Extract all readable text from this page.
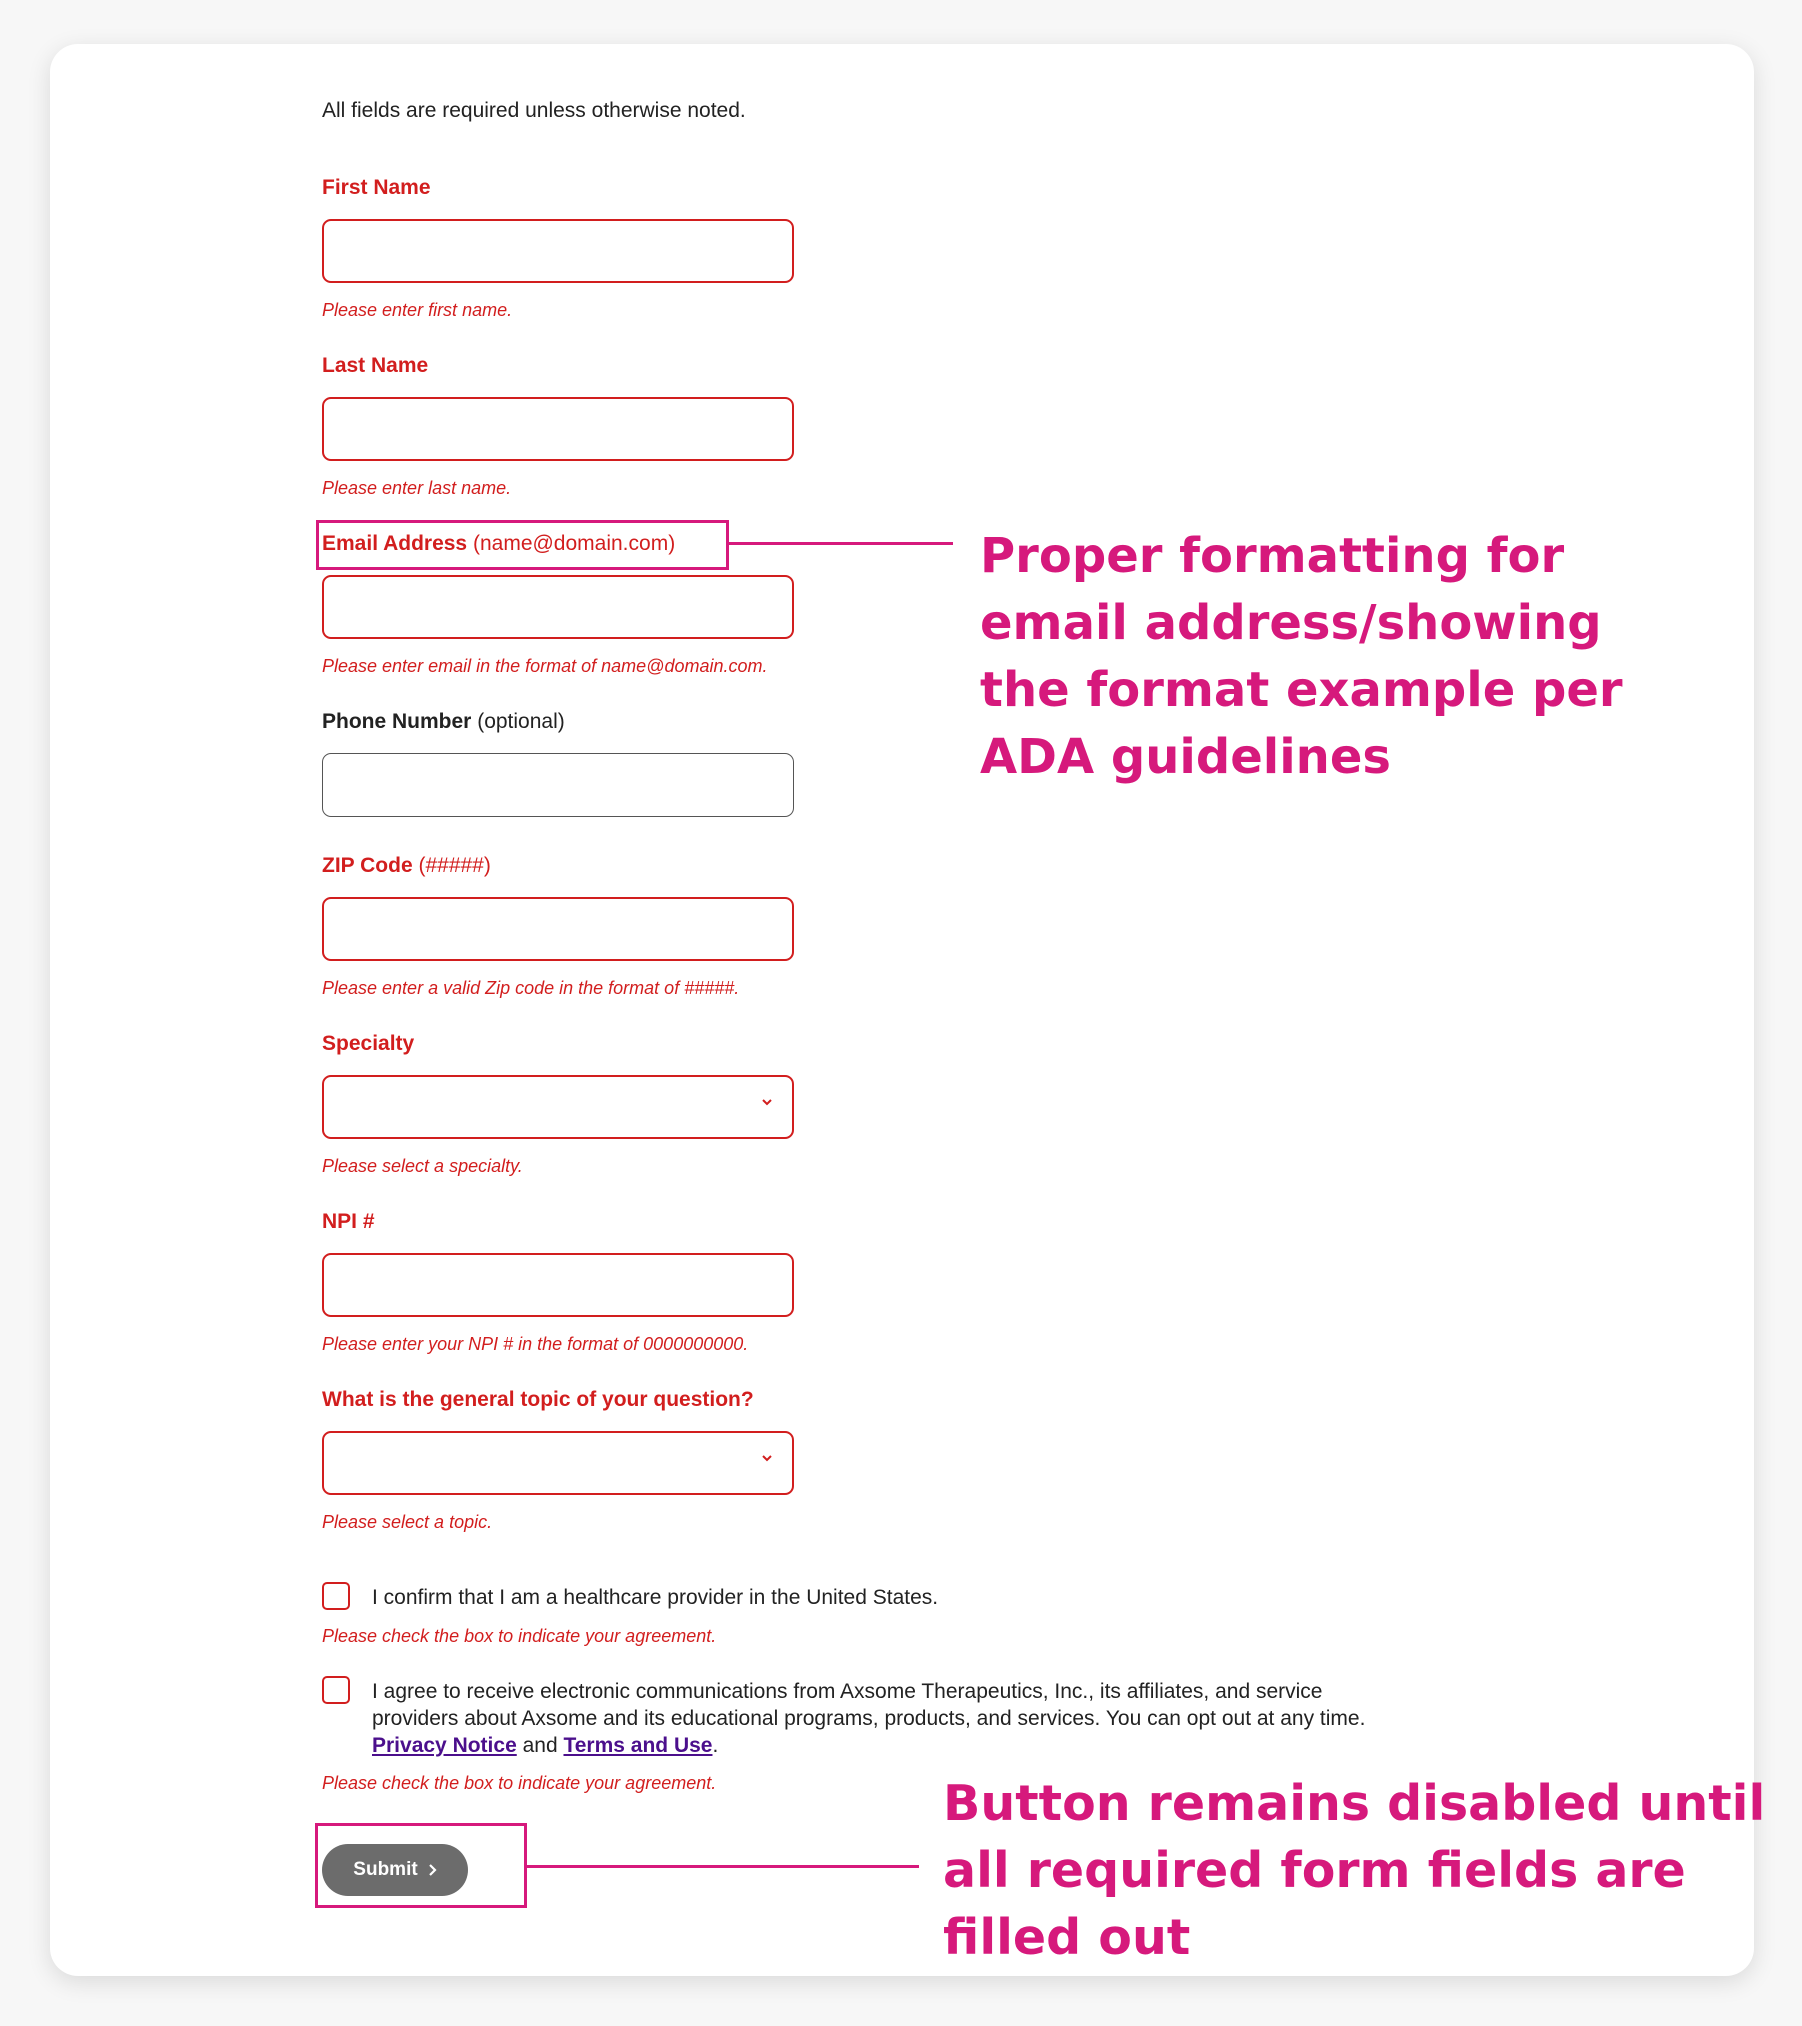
All fields are required unless otherwise noted.
First Name
Please enter first name.
Last Name
Please enter last name.
Email Address (name@domain.com)
Please enter email in the format of name@domain.com.
Phone Number (optional)
ZIP Code (#####)
Please enter a valid Zip code in the format of #####.
Specialty
Please select a specialty.
NPI #
Please enter your NPI # in the format of 0000000000.
What is the general topic of your question?
Please select a topic.
I confirm that I am a healthcare provider in the United States.
Please check the box to indicate your agreement.
I agree to receive electronic communications from Axsome Therapeutics, Inc., its affiliates, and service
providers about Axsome and its educational programs, products, and services. You can opt out at any time.
Privacy Notice and Terms and Use.
Please check the box to indicate your agreement.
Submit
Proper formatting for
email address/showing
the format example per
ADA guidelines
Button remains disabled until
all required form fields are
filled out
